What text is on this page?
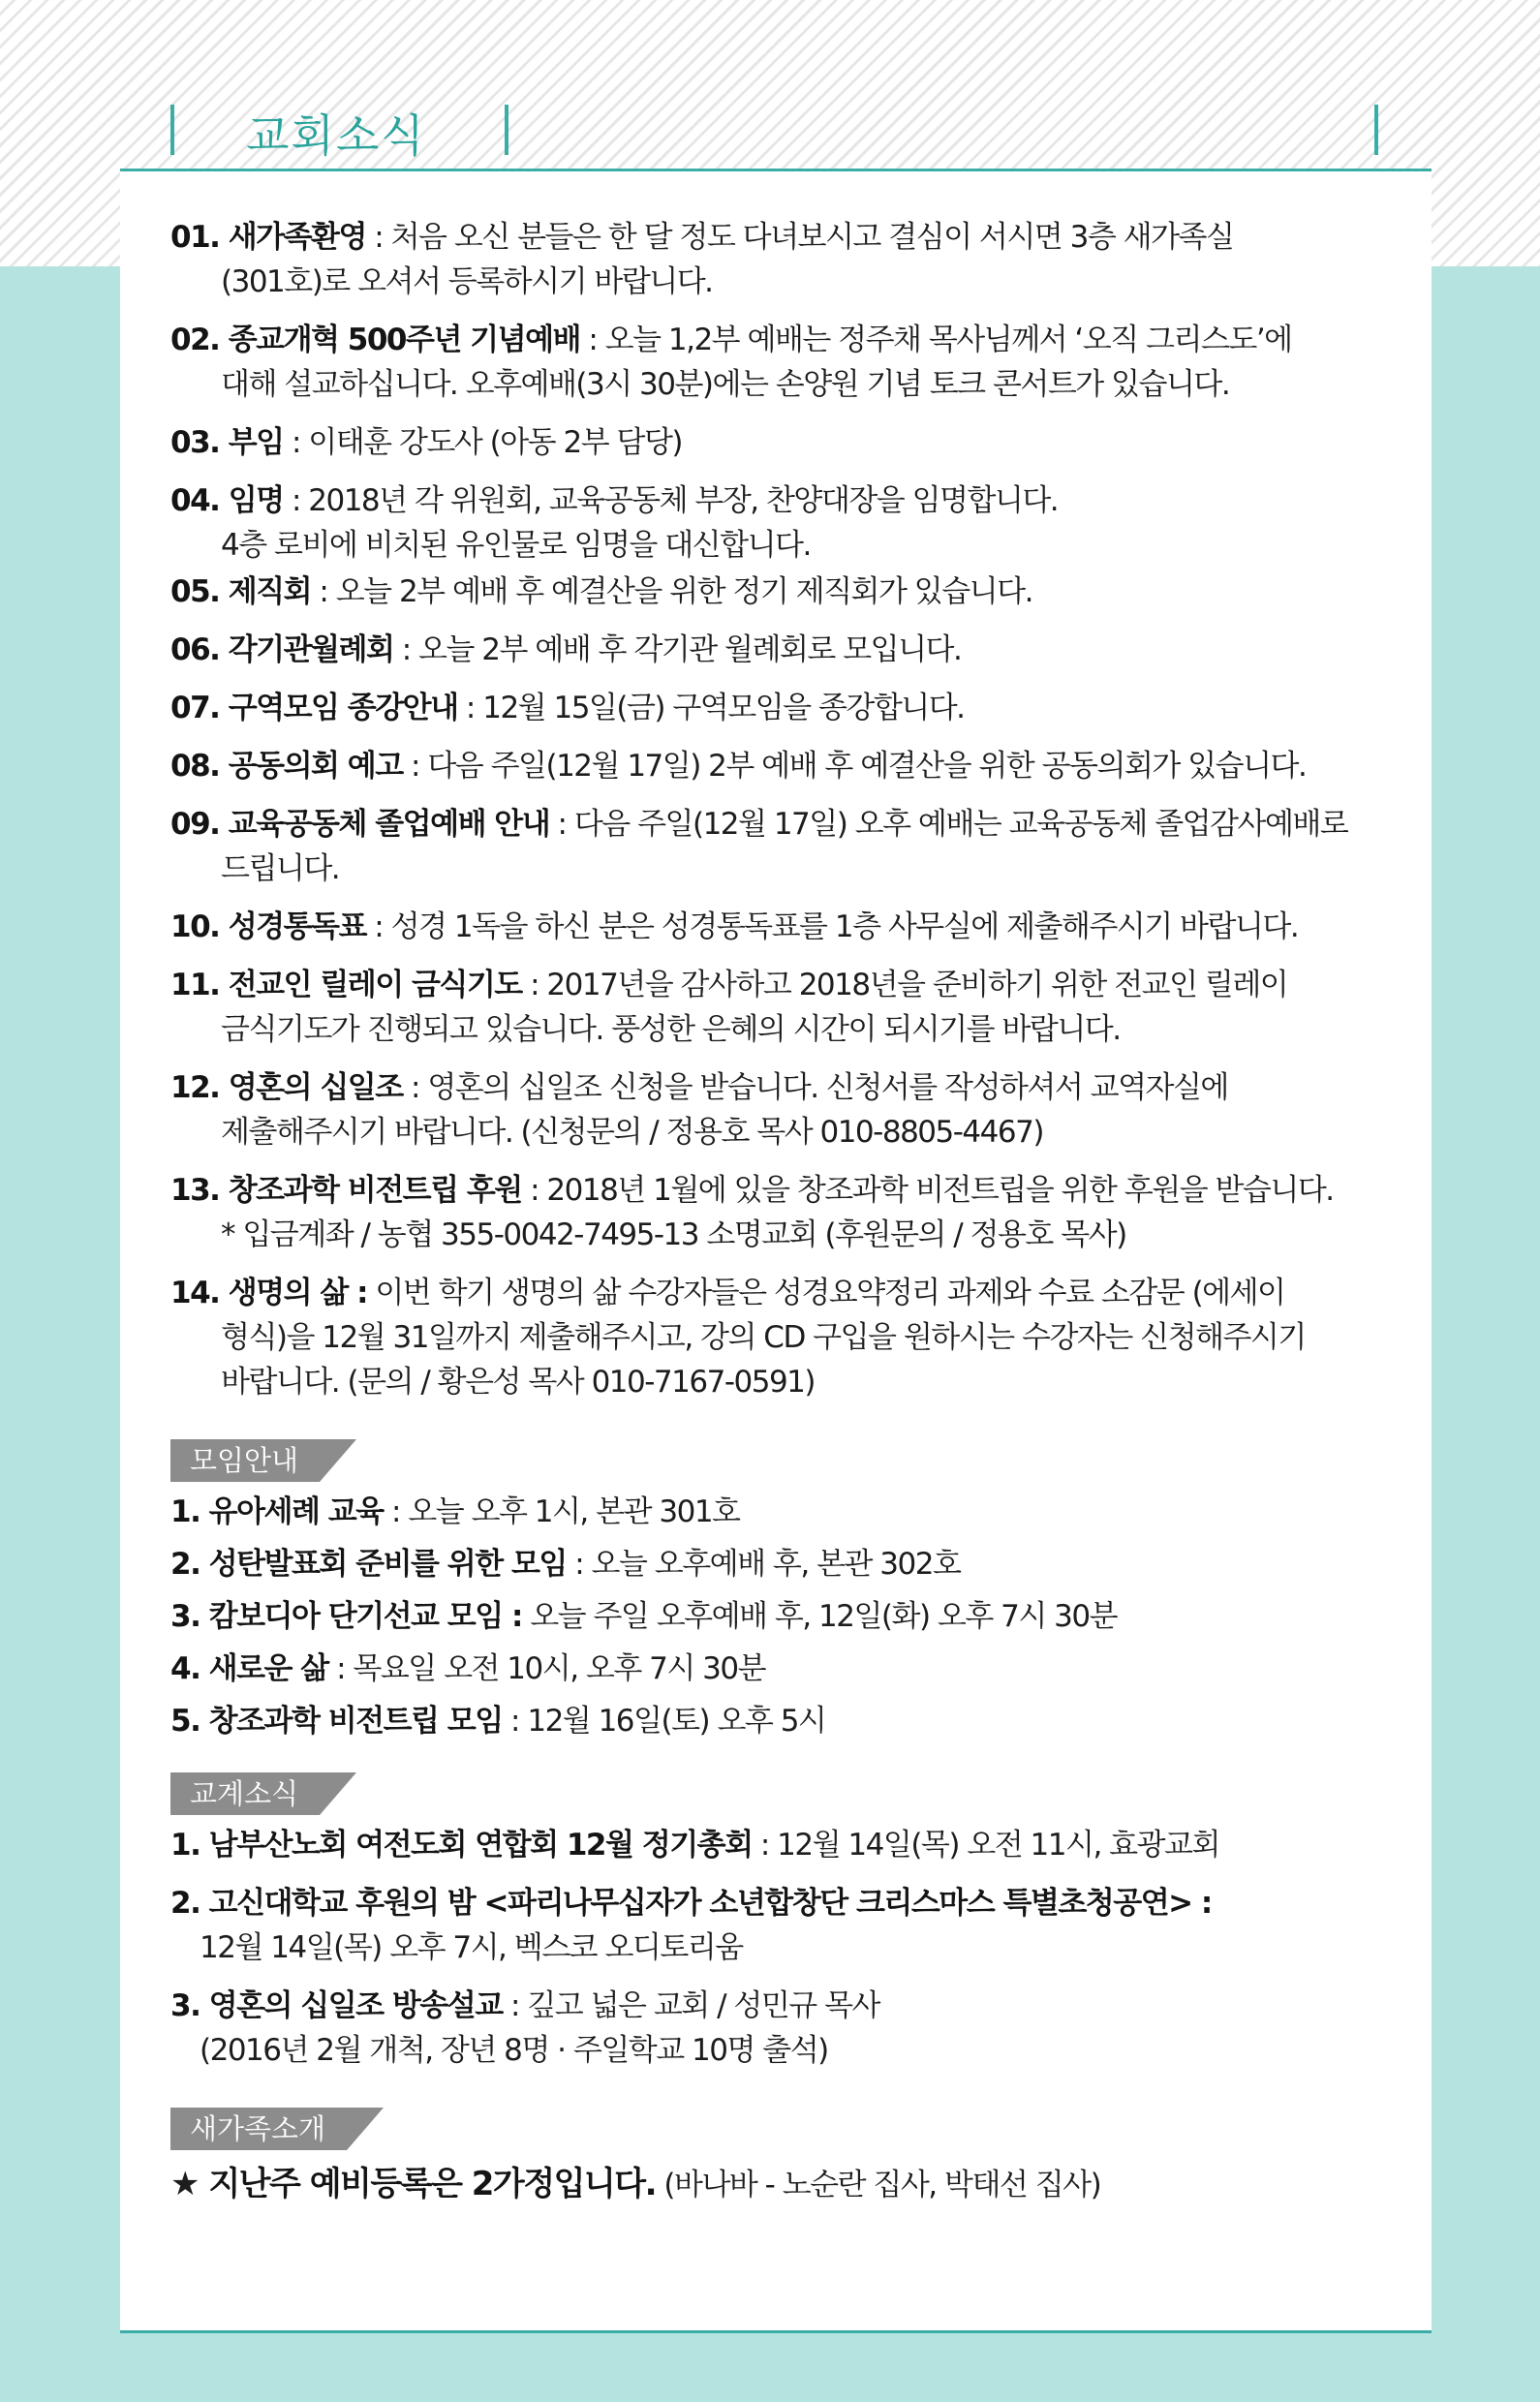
교회소식
01. 새가족환영 : 처음 오신 분들은 한 달 정도 다녀보시고 결심이 서시면 3층 새가족실
(301호)로 오셔서 등록하시기 바랍니다.
02. 종교개혁 500주년 기념예배 : 오늘 1,2부 예배는 정주채 목사님께서 ‘오직 그리스도’에
대해 설교하십니다. 오후예배(3시 30분)에는 손양원 기념 토크 콘서트가 있습니다.
03. 부임 : 이태훈 강도사 (아동 2부 담당)
04. 임명 : 2018년 각 위원회, 교육공동체 부장, 찬양대장을 임명합니다.
4층 로비에 비치된 유인물로 임명을 대신합니다.
05. 제직회 : 오늘 2부 예배 후 예결산을 위한 정기 제직회가 있습니다.
06. 각기관월례회 : 오늘 2부 예배 후 각기관 월례회로 모입니다.
07. 구역모임 종강안내 : 12월 15일(금) 구역모임을 종강합니다.
08. 공동의회 예고 : 다음 주일(12월 17일) 2부 예배 후 예결산을 위한 공동의회가 있습니다.
09. 교육공동체 졸업예배 안내 : 다음 주일(12월 17일) 오후 예배는 교육공동체 졸업감사예배로
드립니다.
10. 성경통독표 : 성경 1독을 하신 분은 성경통독표를 1층 사무실에 제출해주시기 바랍니다.
11. 전교인 릴레이 금식기도 : 2017년을 감사하고 2018년을 준비하기 위한 전교인 릴레이
금식기도가 진행되고 있습니다. 풍성한 은혜의 시간이 되시기를 바랍니다.
12. 영혼의 십일조 : 영혼의 십일조 신청을 받습니다. 신청서를 작성하셔서 교역자실에
제출해주시기 바랍니다. (신청문의 / 정용호 목사 010-8805-4467)
13. 창조과학 비전트립 후원 : 2018년 1월에 있을 창조과학 비전트립을 위한 후원을 받습니다.
* 입금계좌 / 농협 355-0042-7495-13 소명교회 (후원문의 / 정용호 목사)
14. 생명의 삶 : 이번 학기 생명의 삶 수강자들은 성경요약정리 과제와 수료 소감문 (에세이
형식)을 12월 31일까지 제출해주시고, 강의 CD 구입을 원하시는 수강자는 신청해주시기
바랍니다. (문의 / 황은성 목사 010-7167-0591)
모임안내
1. 유아세례 교육 : 오늘 오후 1시, 본관 301호
2. 성탄발표회 준비를 위한 모임 : 오늘 오후예배 후, 본관 302호
3. 캄보디아 단기선교 모임 : 오늘 주일 오후예배 후, 12일(화) 오후 7시 30분
4. 새로운 삶 : 목요일 오전 10시, 오후 7시 30분
5. 창조과학 비전트립 모임 : 12월 16일(토) 오후 5시
교계소식
1. 남부산노회 여전도회 연합회 12월 정기총회 : 12월 14일(목) 오전 11시, 효광교회
2. 고신대학교 후원의 밤 <파리나무십자가 소년합창단 크리스마스 특별초청공연> :
12월 14일(목) 오후 7시, 벡스코 오디토리움
3. 영혼의 십일조 방송설교 : 깊고 넓은 교회 / 성민규 목사
(2016년 2월 개척, 장년 8명 · 주일학교 10명 출석)
새가족소개
★ 지난주 예비등록은 2가정입니다. (바나바 - 노순란 집사, 박태선 집사)
